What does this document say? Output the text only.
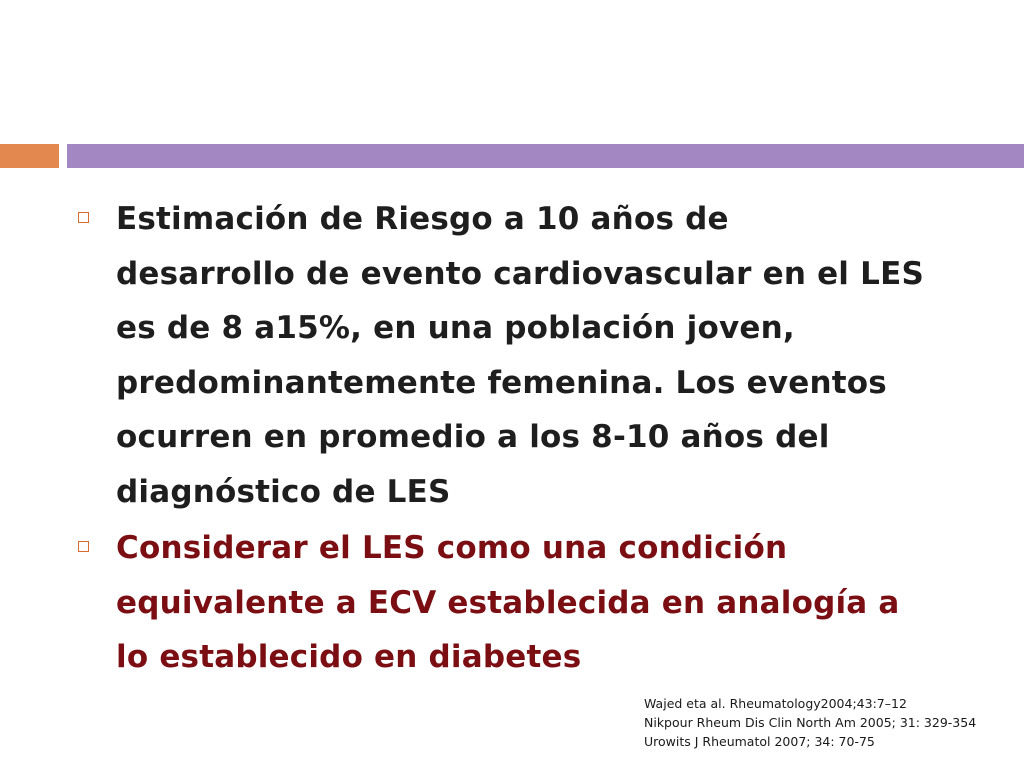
Estimación de Riesgo a 10 años de
desarrollo de evento cardiovascular en el LES
es de 8 a15%, en una población joven,
predominantemente femenina. Los eventos
ocurren en promedio a los 8-10 años del
diagnóstico de LES
Considerar el LES como una condición
equivalente a ECV establecida en analogía a
lo establecido en diabetes
Wajed eta al. Rheumatology2004;43:7–12
Nikpour Rheum Dis Clin North Am 2005; 31: 329-354
Urowits J Rheumatol 2007; 34: 70-75
